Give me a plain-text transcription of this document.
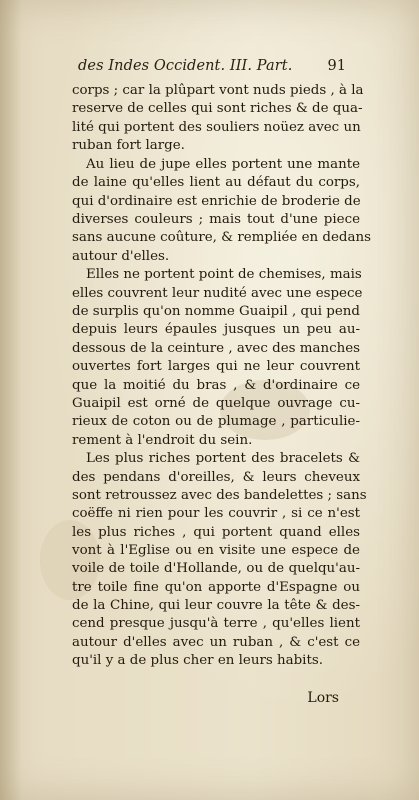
des Indes Occident. III. Part. 91
corps ; car la plûpart vont nuds pieds , à la
reserve de celles qui sont riches & de qua-
lité qui portent des souliers noüez avec un
ruban fort large.
Au lieu de jupe elles portent une mante
de laine qu'elles lient au défaut du corps,
qui d'ordinaire est enrichie de broderie de
diverses couleurs ; mais tout d'une piece
sans aucune coûture, & rempliée en dedans
autour d'elles.
Elles ne portent point de chemises, mais
elles couvrent leur nudité avec une espece
de surplis qu'on nomme Guaipil , qui pend
depuis leurs épaules jusques un peu au-
dessous de la ceinture , avec des manches
ouvertes fort larges qui ne leur couvrent
que la moitié du bras , & d'ordinaire ce
Guaipil est orné de quelque ouvrage cu-
rieux de coton ou de plumage , particulie-
rement à l'endroit du sein.
Les plus riches portent des bracelets &
des pendans d'oreilles, & leurs cheveux
sont retroussez avec des bandelettes ; sans
coëffe ni rien pour les couvrir , si ce n'est
les plus riches , qui portent quand elles
vont à l'Eglise ou en visite une espece de
voile de toile d'Hollande, ou de quelqu'au-
tre toile fine qu'on apporte d'Espagne ou
de la Chine, qui leur couvre la tête & des-
cend presque jusqu'à terre , qu'elles lient
autour d'elles avec un ruban , & c'est ce
qu'il y a de plus cher en leurs habits.
Lors
